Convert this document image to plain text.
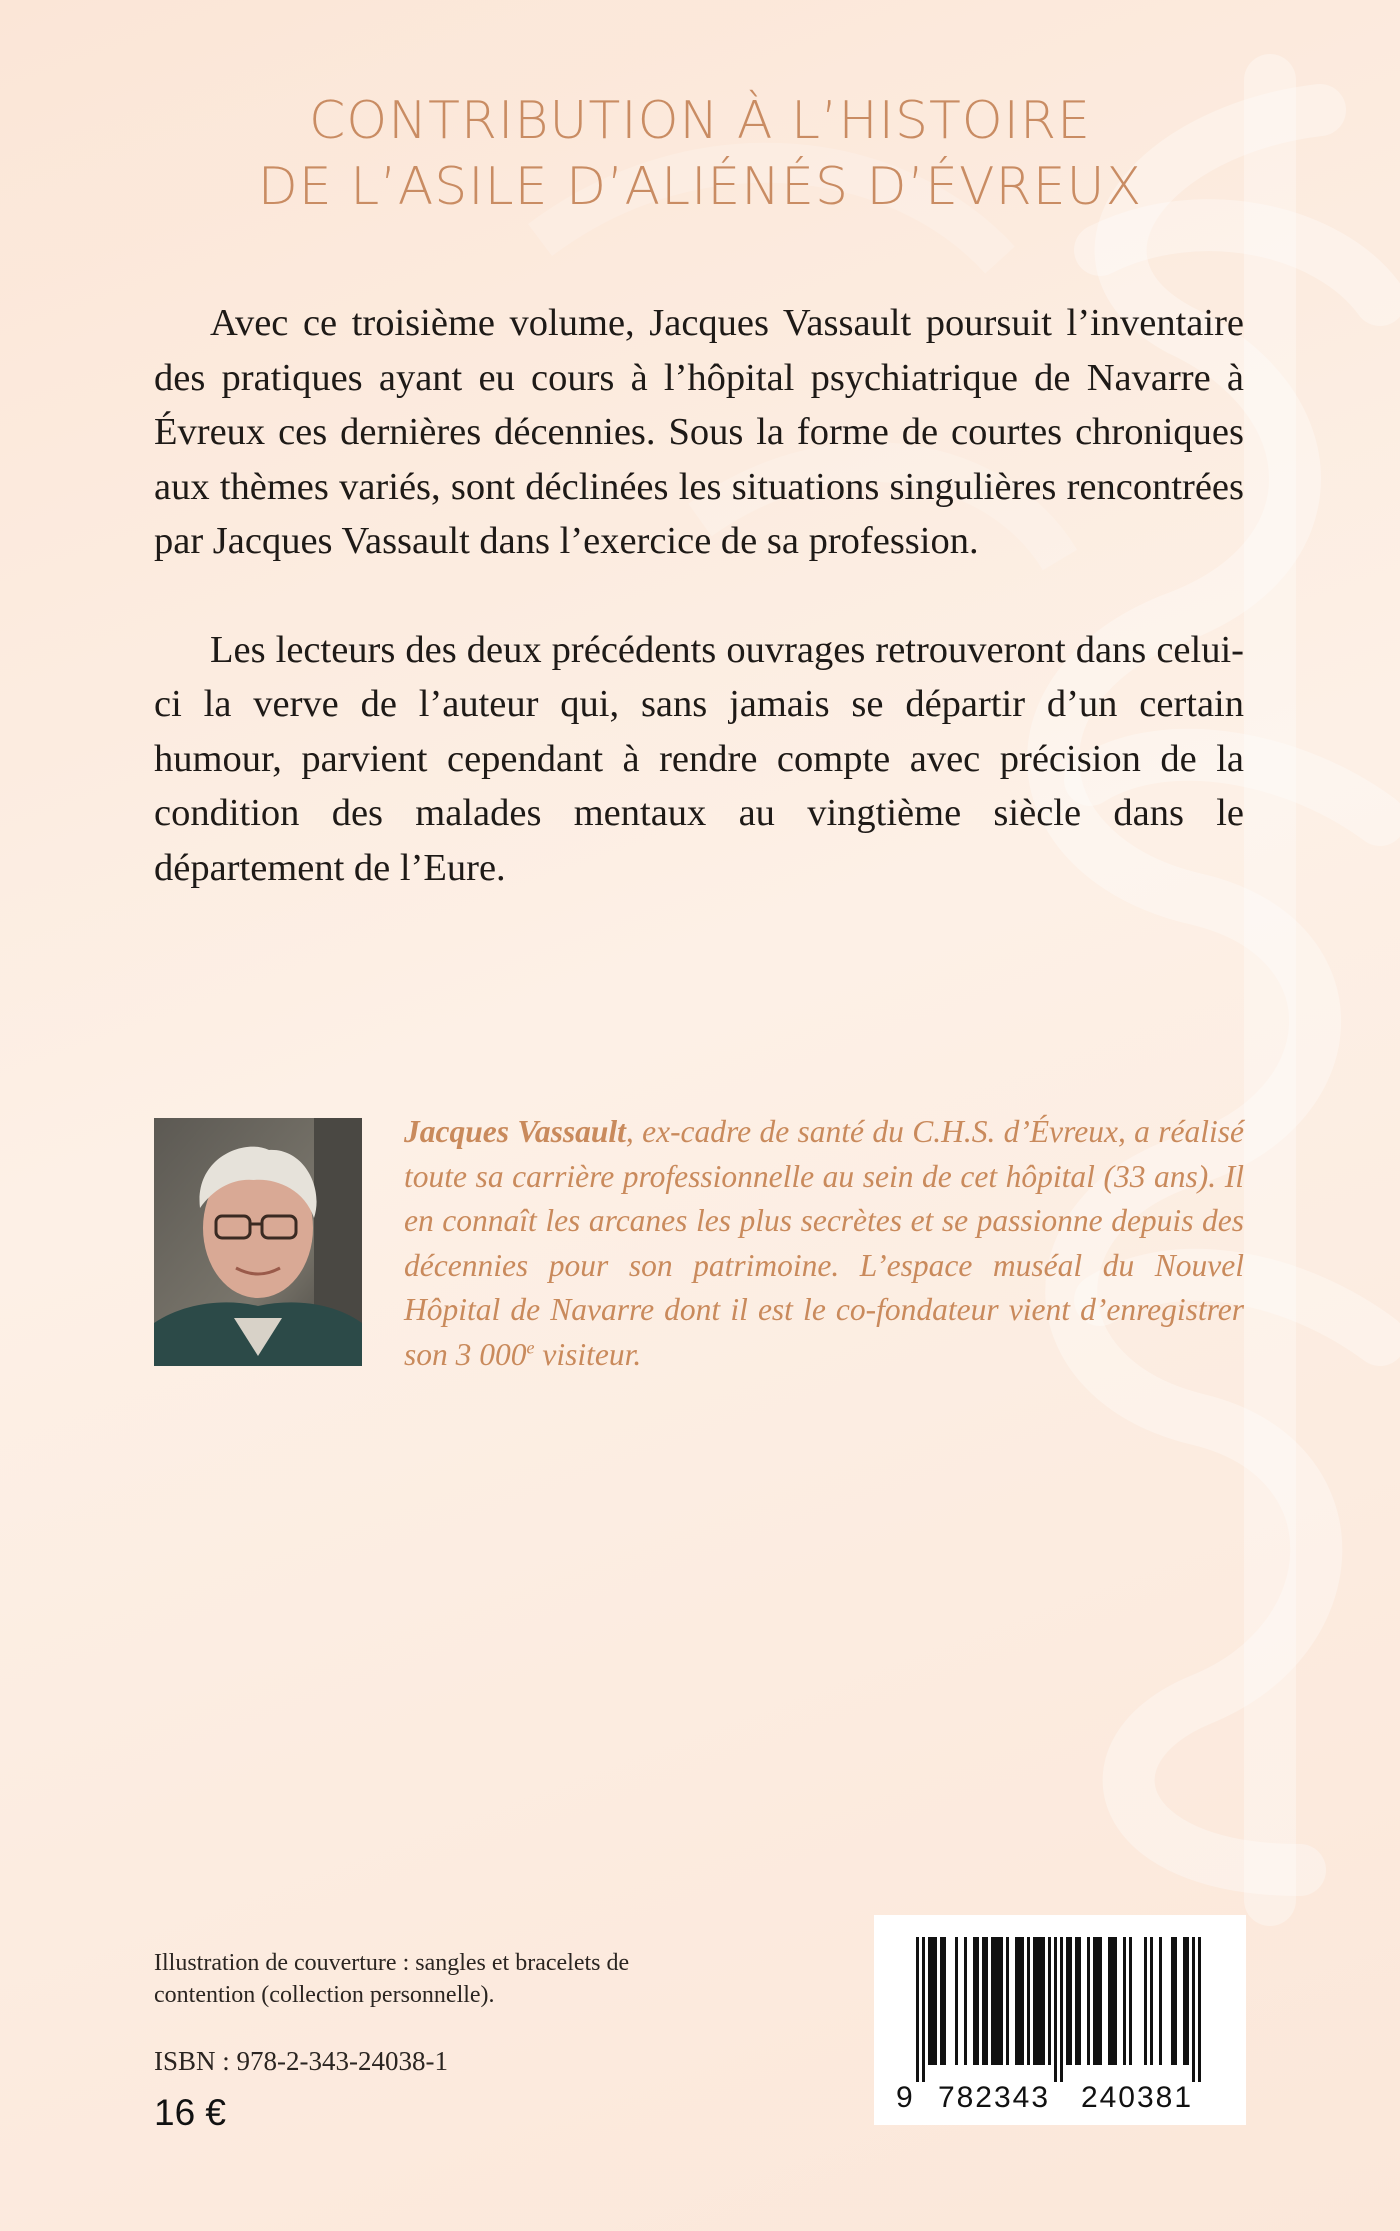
CONTRIBUTION À L’HISTOIRE
DE L’ASILE D’ALIÉNÉS D’ÉVREUX

Avec ce troisième volume, Jacques Vassault poursuit l’inventaire des pratiques ayant eu cours à l’hôpital psychiatrique de Navarre à Évreux ces dernières décennies. Sous la forme de courtes chroniques aux thèmes variés, sont déclinées les situations singulières rencontrées par Jacques Vassault dans l’exercice de sa profession.

Les lecteurs des deux précédents ouvrages retrouveront dans celui-ci la verve de l’auteur qui, sans jamais se départir d’un certain humour, parvient cependant à rendre compte avec précision de la condition des malades mentaux au vingtième siècle dans le département de l’Eure.

Jacques Vassault, ex-cadre de santé du C.H.S. d’Évreux, a réalisé toute sa carrière professionnelle au sein de cet hôpital (33 ans). Il en connaît les arcanes les plus secrètes et se passionne depuis des décennies pour son patrimoine. L’espace muséal du Nouvel Hôpital de Navarre dont il est le co-fondateur vient d’enregistrer son 3 000e visiteur.
Illustration de couverture : sangles et bracelets de contention (collection personnelle).
ISBN : 978-2-343-24038-1
16 €	9 782343 240381
